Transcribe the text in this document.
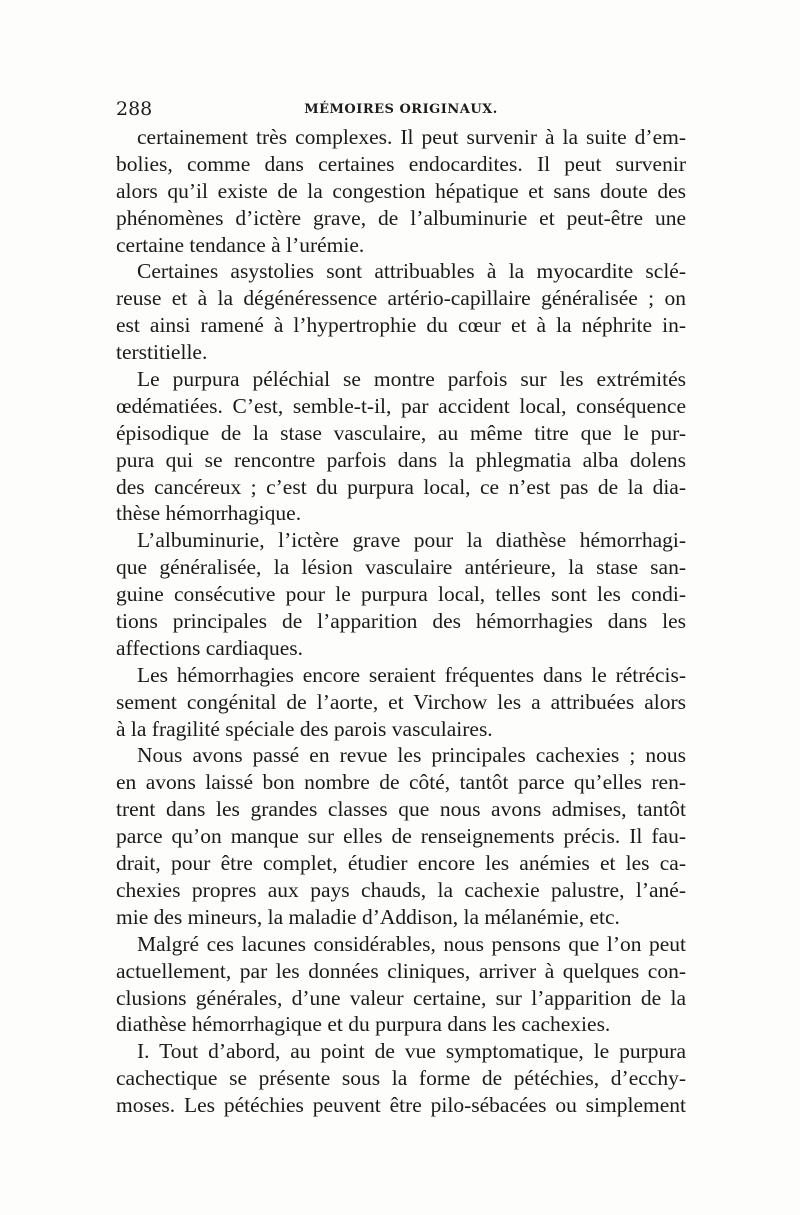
288	MÉMOIRES ORIGINAUX.
certainement très complexes. Il peut survenir à la suite d’em-
bolies, comme dans certaines endocardites. Il peut survenir
alors qu’il existe de la congestion hépatique et sans doute des
phénomènes d’ictère grave, de l’albuminurie et peut-être une
certaine tendance à l’urémie.
Certaines asystolies sont attribuables à la myocardite sclé-
reuse et à la dégénéressence artério-capillaire généralisée ; on
est ainsi ramené à l’hypertrophie du cœur et à la néphrite in-
terstitielle.
Le purpura péléchial se montre parfois sur les extrémités
œdématiées. C’est, semble-t-il, par accident local, conséquence
épisodique de la stase vasculaire, au même titre que le pur-
pura qui se rencontre parfois dans la phlegmatia alba dolens
des cancéreux ; c’est du purpura local, ce n’est pas de la dia-
thèse hémorrhagique.
L’albuminurie, l’ictère grave pour la diathèse hémorrhagi-
que généralisée, la lésion vasculaire antérieure, la stase san-
guine consécutive pour le purpura local, telles sont les condi-
tions principales de l’apparition des hémorrhagies dans les
affections cardiaques.
Les hémorrhagies encore seraient fréquentes dans le rétrécis-
sement congénital de l’aorte, et Virchow les a attribuées alors
à la fragilité spéciale des parois vasculaires.
Nous avons passé en revue les principales cachexies ; nous
en avons laissé bon nombre de côté, tantôt parce qu’elles ren-
trent dans les grandes classes que nous avons admises, tantôt
parce qu’on manque sur elles de renseignements précis. Il fau-
drait, pour être complet, étudier encore les anémies et les ca-
chexies propres aux pays chauds, la cachexie palustre, l’ané-
mie des mineurs, la maladie d’Addison, la mélanémie, etc.
Malgré ces lacunes considérables, nous pensons que l’on peut
actuellement, par les données cliniques, arriver à quelques con-
clusions générales, d’une valeur certaine, sur l’apparition de la
diathèse hémorrhagique et du purpura dans les cachexies.
I. Tout d’abord, au point de vue symptomatique, le purpura
cachectique se présente sous la forme de pétéchies, d’ecchy-
moses. Les pétéchies peuvent être pilo-sébacées ou simplement
